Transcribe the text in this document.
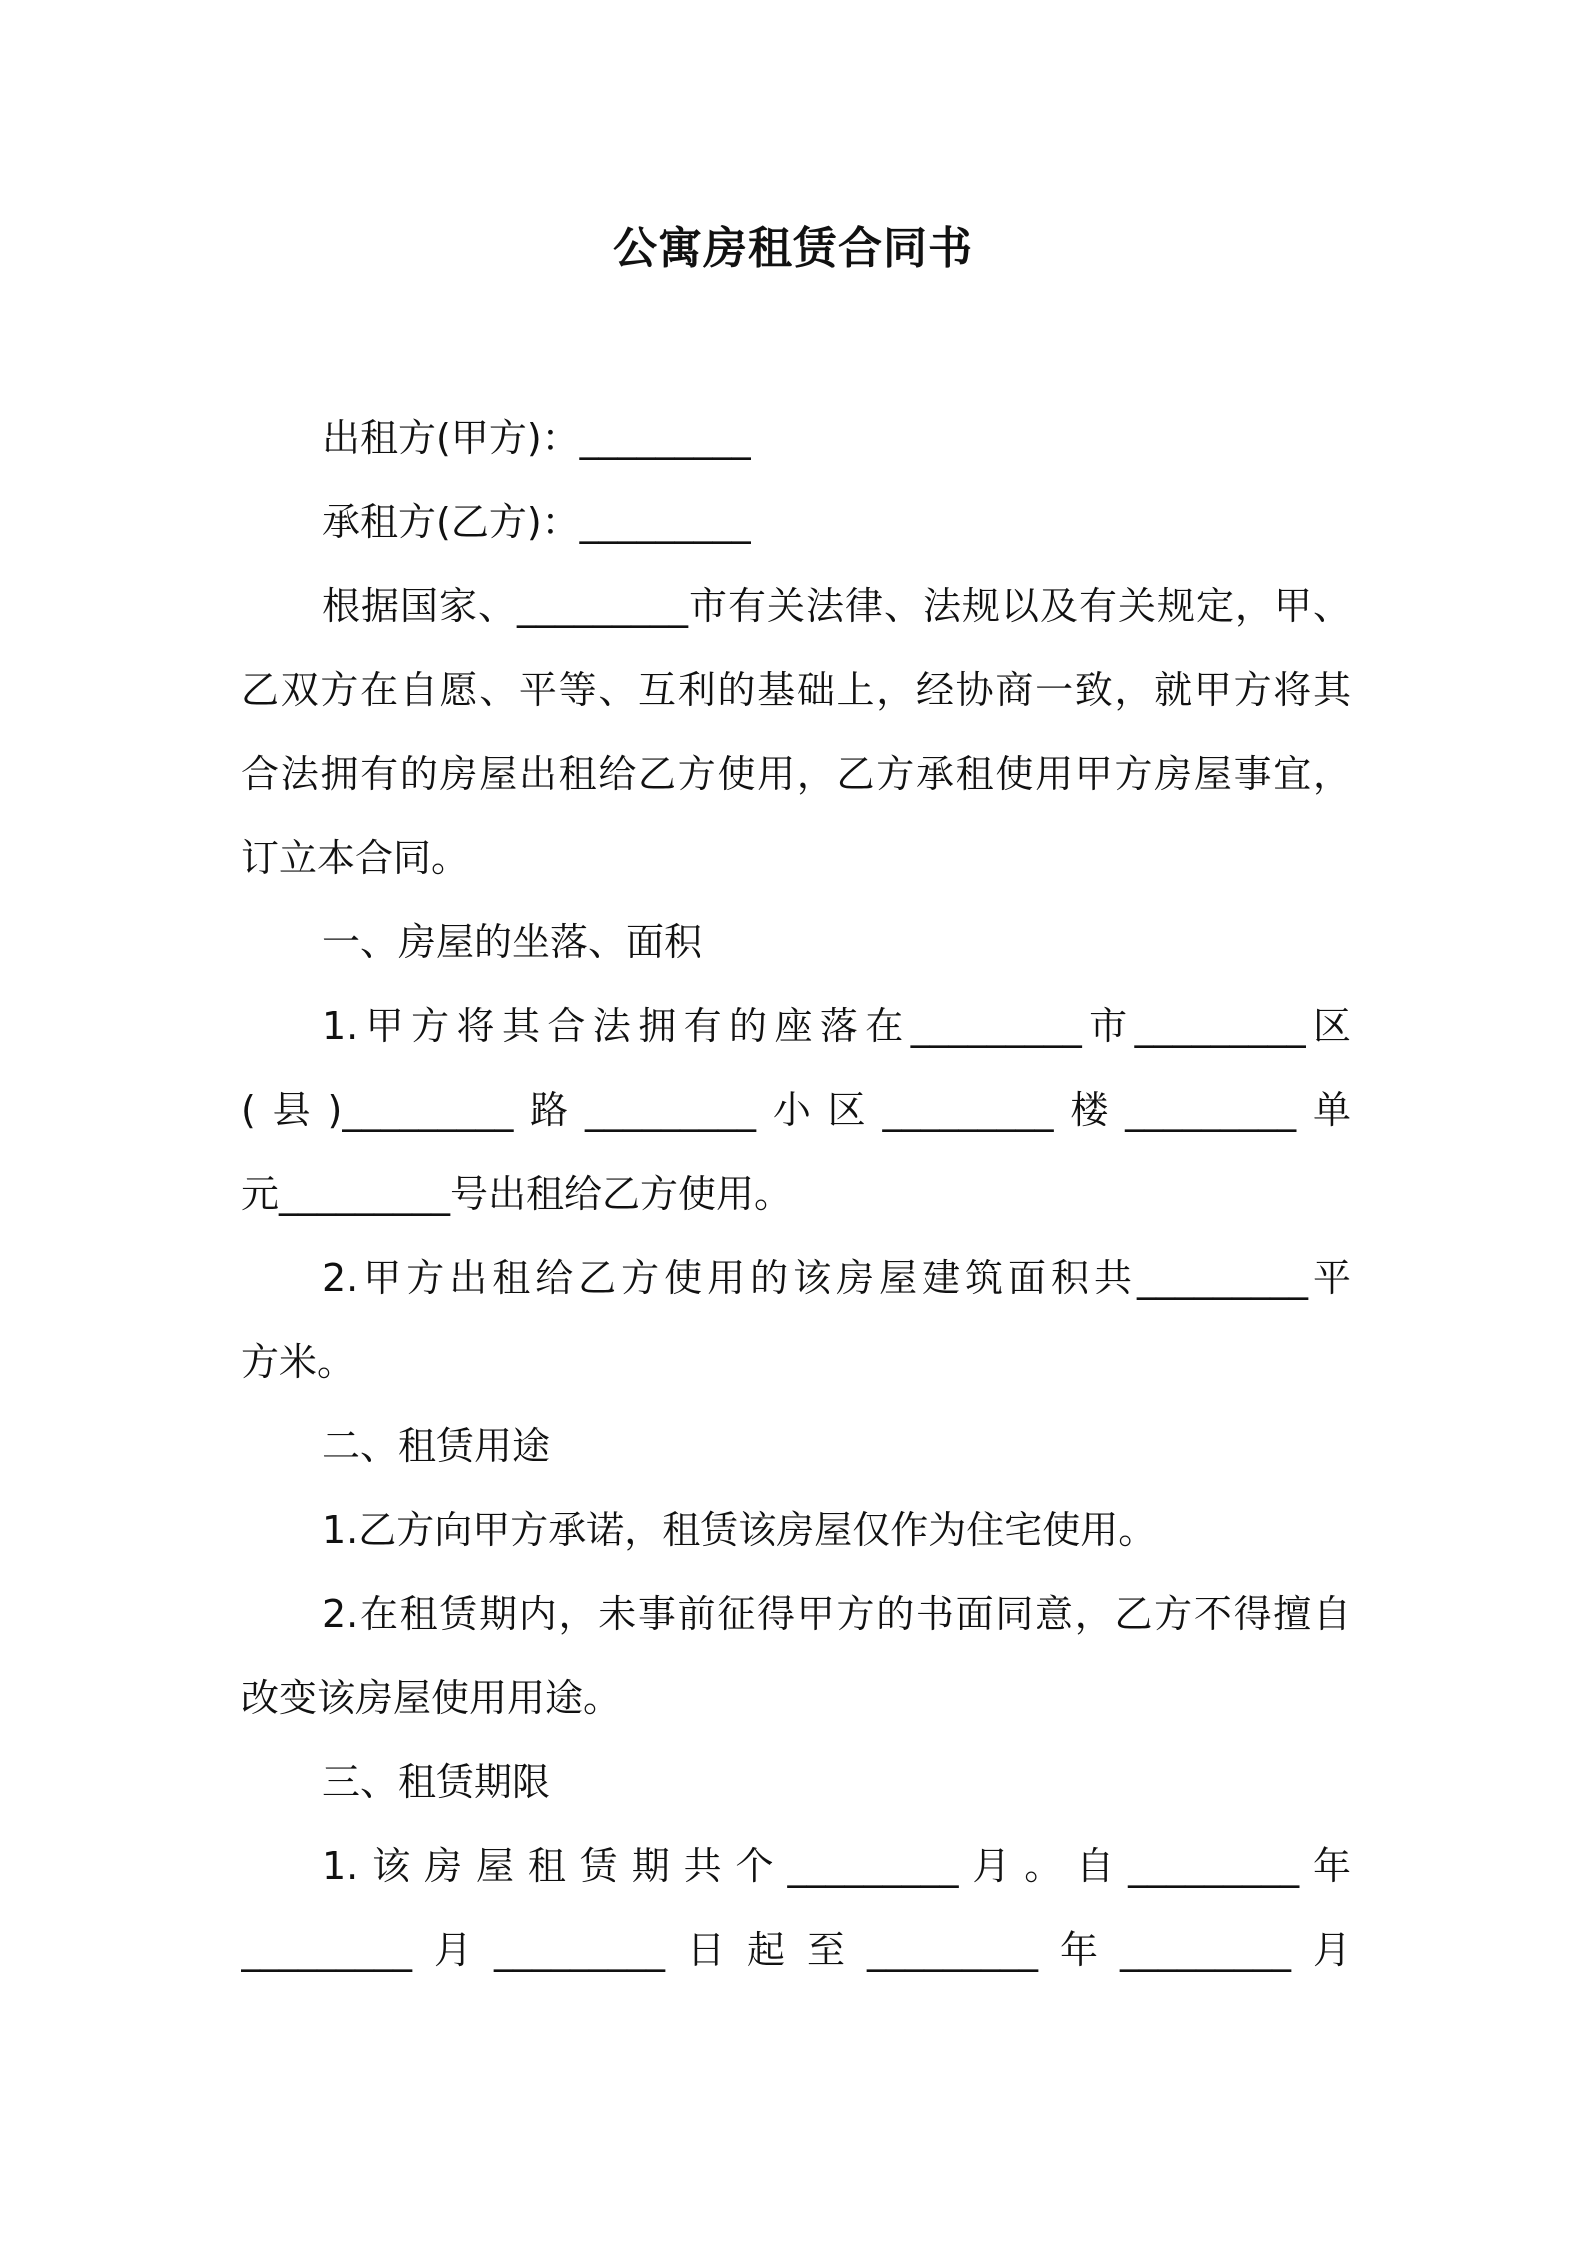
公寓房租赁合同书
出租方(甲方)：_________
承租方(乙方)：_________
根据国家、_________市有关法律、法规以及有关规定，甲、
乙双方在自愿、平等、互利的基础上，经协商一致，就甲方将其
合法拥有的房屋出租给乙方使用，乙方承租使用甲方房屋事宜，
订立本合同。
一、房屋的坐落、面积
1.甲方将其合法拥有的座落在_________市_________区
(县)_________路_________小区_________楼_________单
元_________号出租给乙方使用。
2.甲方出租给乙方使用的该房屋建筑面积共_________平
方米。
二、租赁用途
1.乙方向甲方承诺，租赁该房屋仅作为住宅使用。
2.在租赁期内，未事前征得甲方的书面同意，乙方不得擅自
改变该房屋使用用途。
三、租赁期限
1.该房屋租赁期共个_________月。自_________年
_________月_________日起至_________年_________月
